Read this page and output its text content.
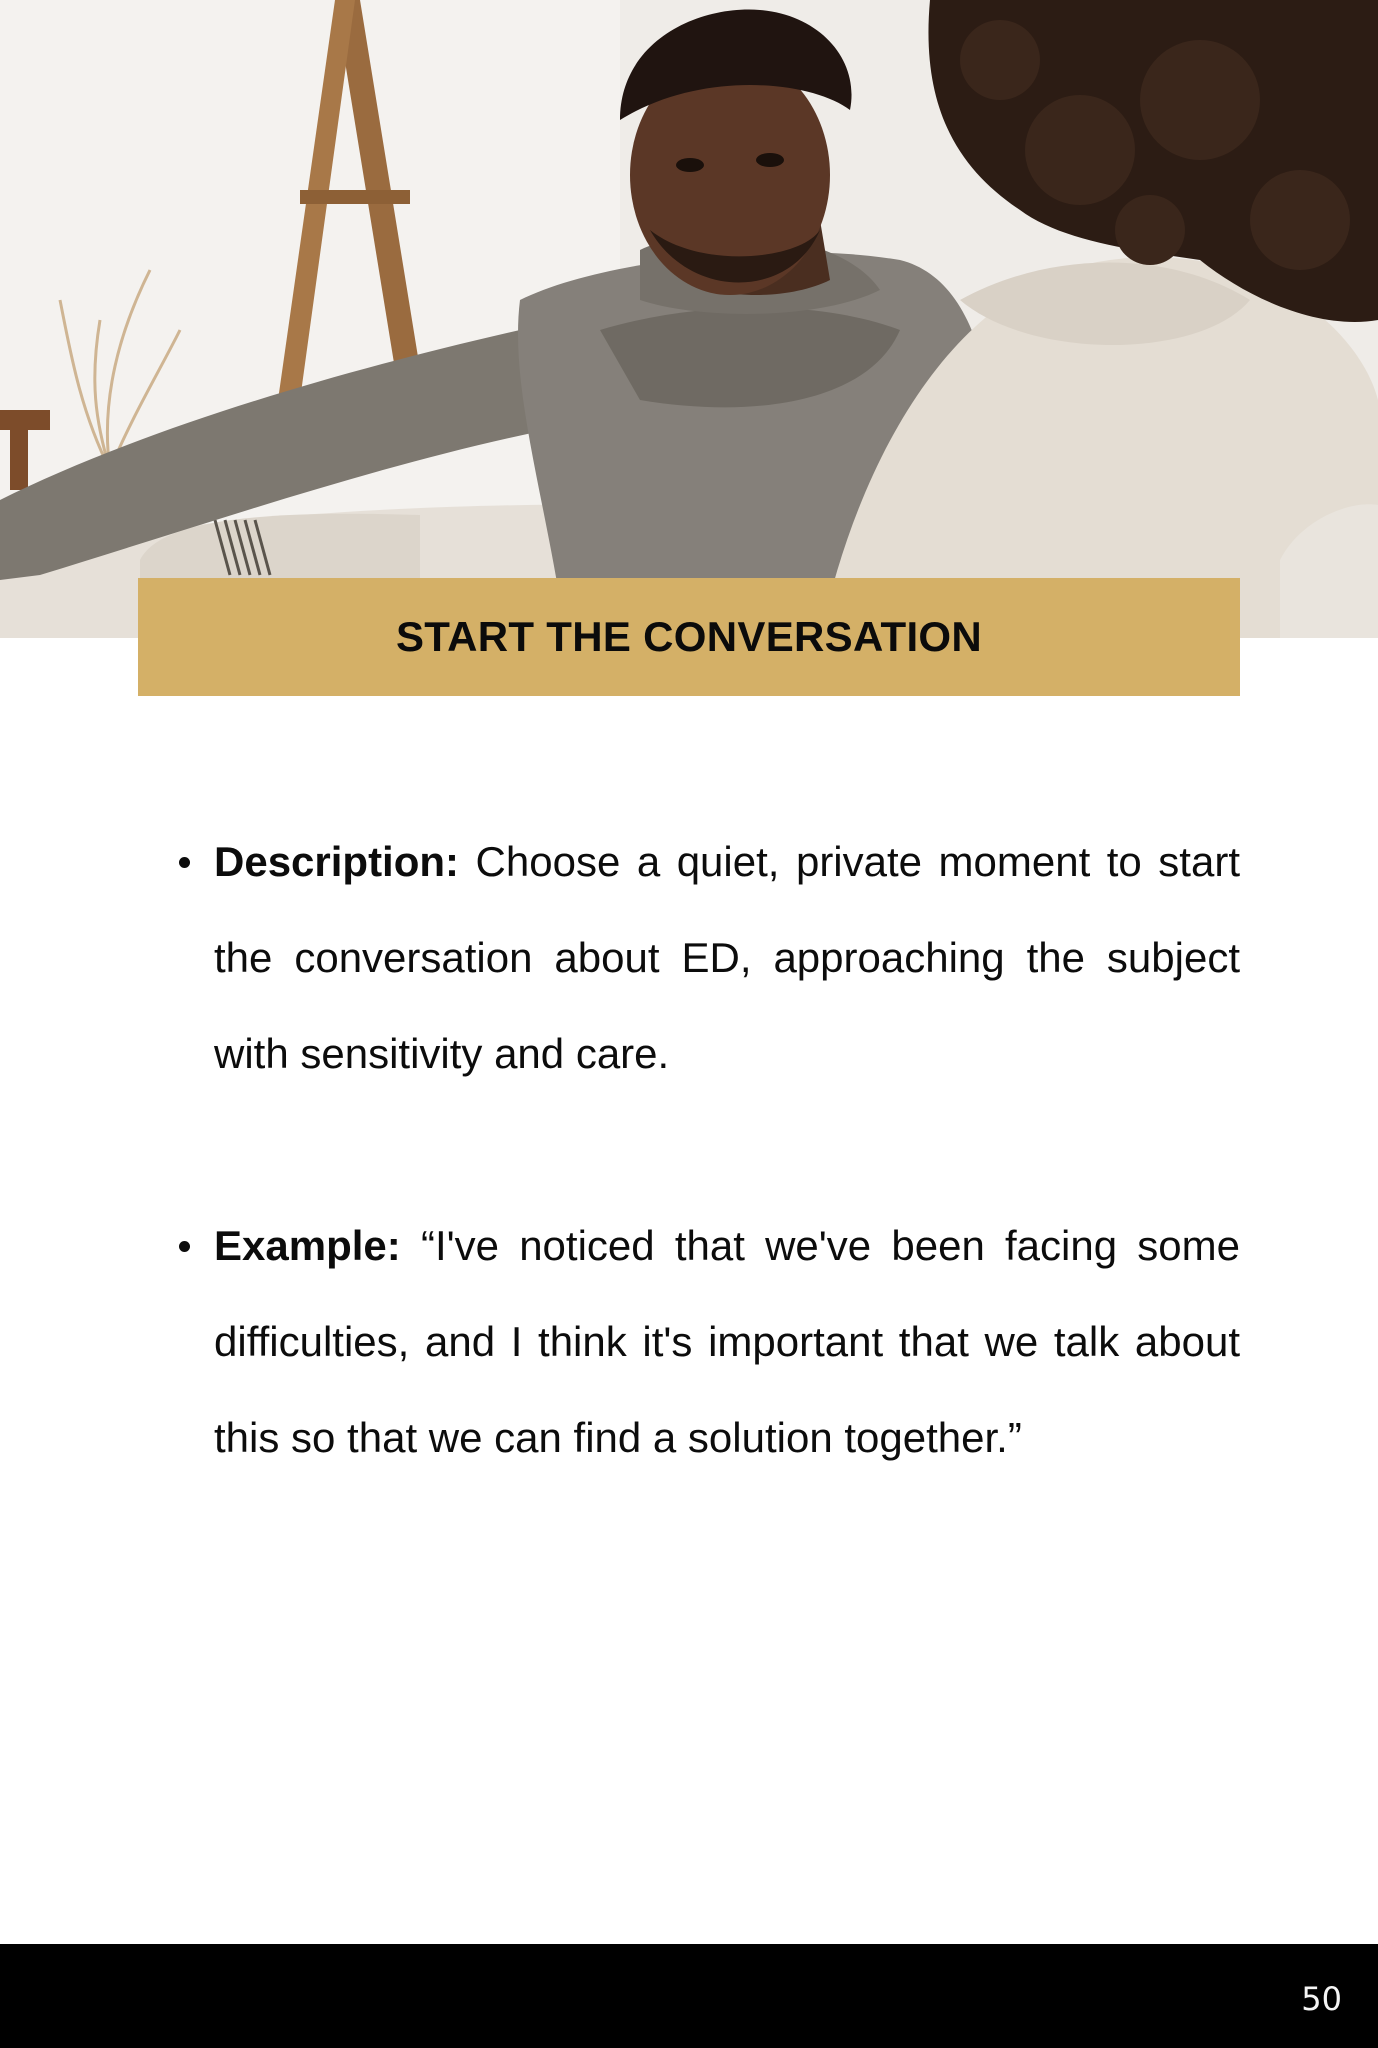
START THE CONVERSATION

Description: Choose a quiet, private moment to start the conversation about ED, approaching the subject with sensitivity and care.

Example: “I've noticed that we've been facing some difficulties, and I think it's important that we talk about this so that we can find a solution together.”

50
